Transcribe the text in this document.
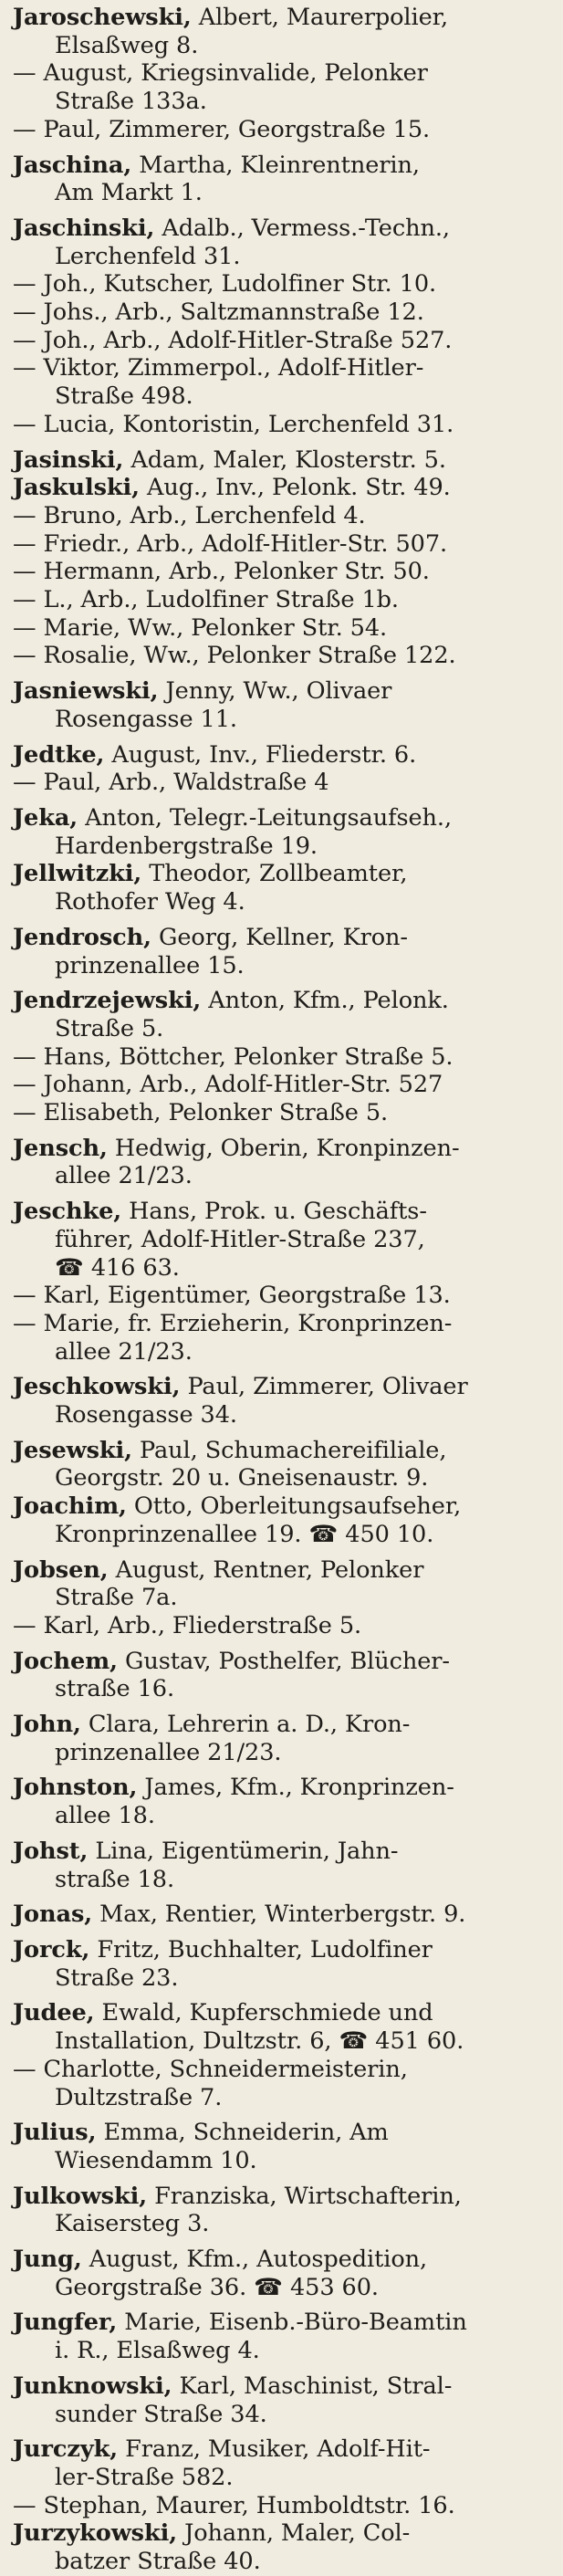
Jaroschewski, Albert, Maurerpolier,
Elsaßweg 8.

— August, Kriegsinvalide, Pelonker
Straße 133a.

— Paul, Zimmerer, Georgstraße 15.

Jaschina, Martha, Kleinrentnerin,
Am Markt 1.

Jaschinski, Adalb., Vermess.-Techn.,
Lerchenfeld 31.

— Joh., Kutscher, Ludolfiner Str. 10.

— Johs., Arb., Saltzmannstraße 12.

— Joh., Arb., Adolf-Hitler-Straße 527.

— Viktor, Zimmerpol., Adolf-Hitler-
Straße 498.

— Lucia, Kontoristin, Lerchenfeld 31.

Jasinski, Adam, Maler, Klosterstr. 5.

Jaskulski, Aug., Inv., Pelonk. Str. 49.

— Bruno, Arb., Lerchenfeld 4.

— Friedr., Arb., Adolf-Hitler-Str. 507.

— Hermann, Arb., Pelonker Str. 50.

— L., Arb., Ludolfiner Straße 1b.

— Marie, Ww., Pelonker Str. 54.

— Rosalie, Ww., Pelonker Straße 122.

Jasniewski, Jenny, Ww., Olivaer
Rosengasse 11.

Jedtke, August, Inv., Fliederstr. 6.

— Paul, Arb., Waldstraße 4

Jeka, Anton, Telegr.-Leitungsaufseh.,
Hardenbergstraße 19.

Jellwitzki, Theodor, Zollbeamter,
Rothofer Weg 4.

Jendrosch, Georg, Kellner, Kron-
prinzenallee 15.

Jendrzejewski, Anton, Kfm., Pelonk.
Straße 5.

— Hans, Böttcher, Pelonker Straße 5.

— Johann, Arb., Adolf-Hitler-Str. 527

— Elisabeth, Pelonker Straße 5.

Jensch, Hedwig, Oberin, Kronpinzen-
allee 21/23.

Jeschke, Hans, Prok. u. Geschäfts-
führer, Adolf-Hitler-Straße 237,
☎ 416 63.

— Karl, Eigentümer, Georgstraße 13.

— Marie, fr. Erzieherin, Kronprinzen-
allee 21/23.

Jeschkowski, Paul, Zimmerer, Olivaer
Rosengasse 34.

Jesewski, Paul, Schumachereifiliale,
Georgstr. 20 u. Gneisenaustr. 9.

Joachim, Otto, Oberleitungsaufseher,
Kronprinzenallee 19. ☎ 450 10.

Jobsen, August, Rentner, Pelonker
Straße 7a.

— Karl, Arb., Fliederstraße 5.

Jochem, Gustav, Posthelfer, Blücher-
straße 16.

John, Clara, Lehrerin a. D., Kron-
prinzenallee 21/23.

Johnston, James, Kfm., Kronprinzen-
allee 18.

Johst, Lina, Eigentümerin, Jahn-
straße 18.

Jonas, Max, Rentier, Winterbergstr. 9.

Jorck, Fritz, Buchhalter, Ludolfiner
Straße 23.

Judee, Ewald, Kupferschmiede und
Installation, Dultzstr. 6, ☎ 451 60.

— Charlotte, Schneidermeisterin,
Dultzstraße 7.

Julius, Emma, Schneiderin, Am
Wiesendamm 10.

Julkowski, Franziska, Wirtschafterin,
Kaisersteg 3.

Jung, August, Kfm., Autospedition,
Georgstraße 36. ☎ 453 60.

Jungfer, Marie, Eisenb.-Büro-Beamtin
i. R., Elsaßweg 4.

Junknowski, Karl, Maschinist, Stral-
sunder Straße 34.

Jurczyk, Franz, Musiker, Adolf-Hit-
ler-Straße 582.

— Stephan, Maurer, Humboldtstr. 16.

Jurzykowski, Johann, Maler, Col-
batzer Straße 40.
